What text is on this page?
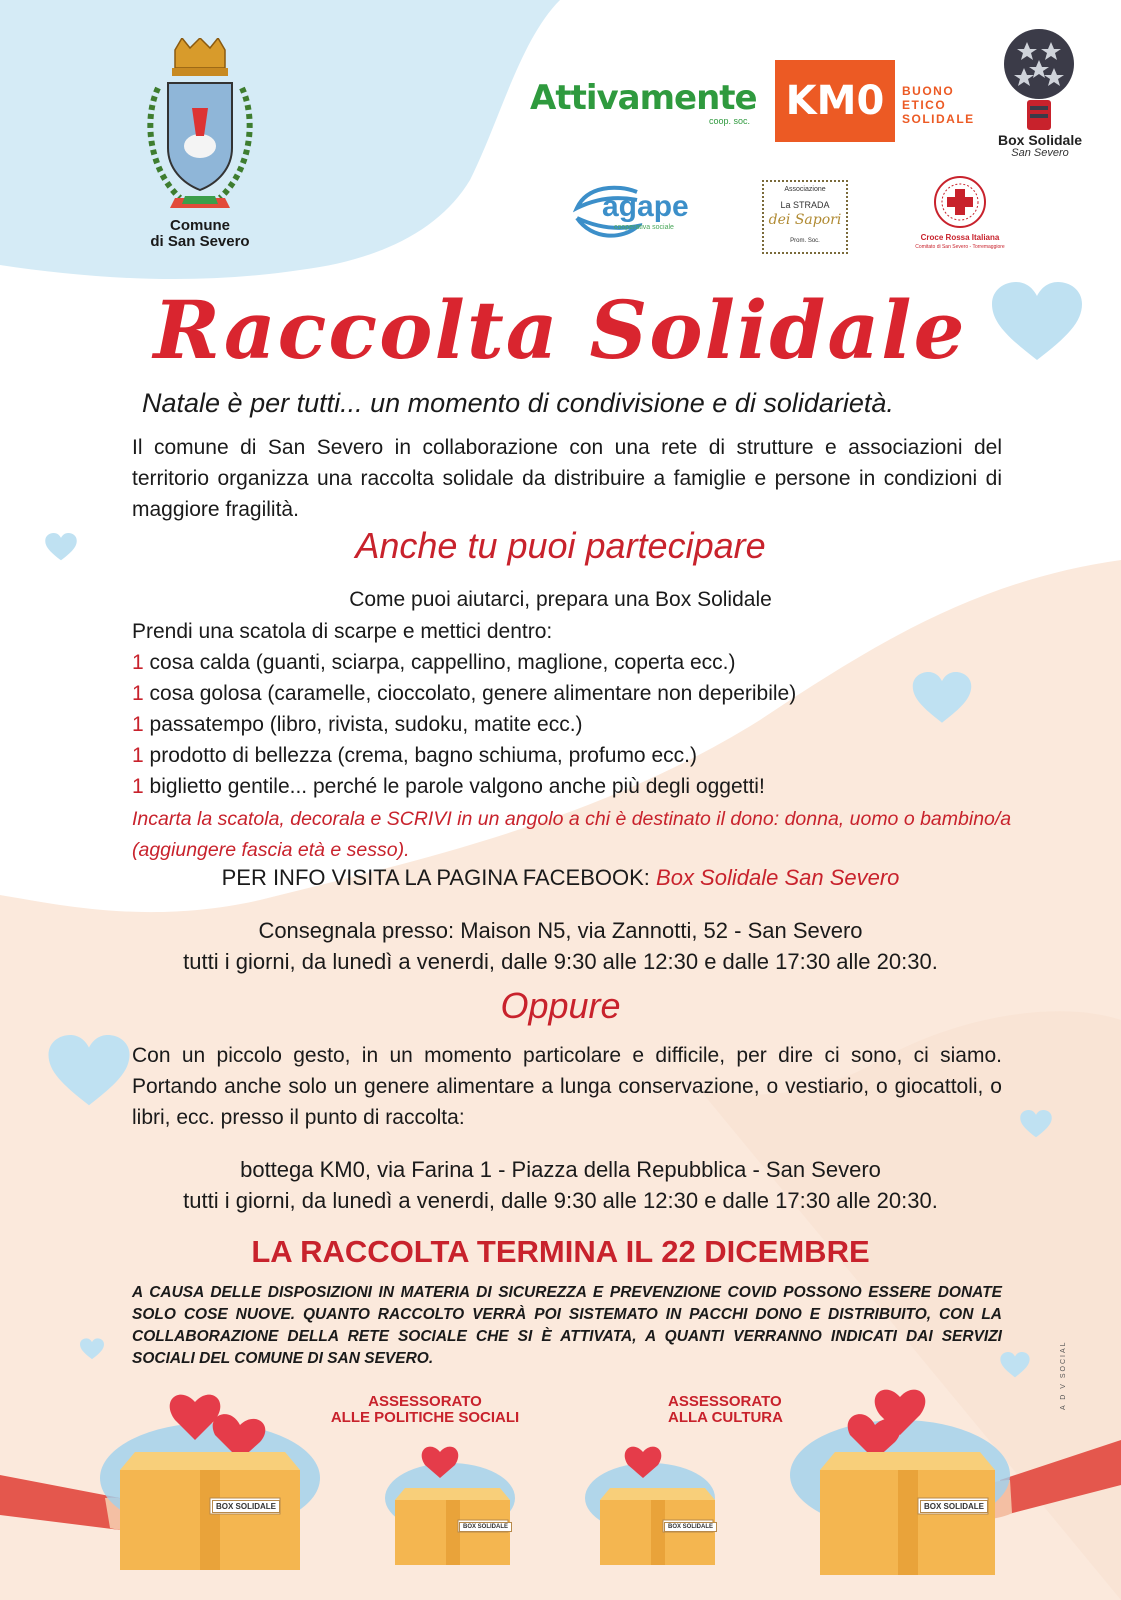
Comune
di San Severo
Attivamente
coop. soc. KM0	BUONO
ETICO
SOLIDALE
Box Solidale
San Severo
agape
cooperativa sociale
Associazione
La STRADA
dei Sapori
Prom. Soc.	Croce Rossa Italiana
Comitato di San Severo - Torremaggiore
Raccolta Solidale
Natale è per tutti... un momento di condivisione e di solidarietà.
Il comune di San Severo in collaborazione con una rete di strutture e associazioni del territorio organizza una raccolta solidale da distribuire a famiglie e persone in condizioni di maggiore fragilità.
Anche tu puoi partecipare
Come puoi aiutarci, prepara una Box Solidale
Prendi una scatola di scarpe e mettici dentro:
1 cosa calda (guanti, sciarpa, cappellino, maglione, coperta ecc.)
1 cosa golosa (caramelle, cioccolato, genere alimentare non deperibile)
1 passatempo (libro, rivista, sudoku, matite ecc.)
1 prodotto di bellezza (crema, bagno schiuma, profumo ecc.)
1 biglietto gentile... perché le parole valgono anche più degli oggetti!
Incarta la scatola, decorala e SCRIVI in un angolo a chi è destinato il dono: donna, uomo o bambino/a (aggiungere fascia età e sesso).
PER INFO VISITA LA PAGINA FACEBOOK: Box Solidale San Severo
Consegnala presso: Maison N5, via Zannotti, 52 - San Severo
tutti i giorni, da lunedì a venerdi, dalle 9:30 alle 12:30 e dalle 17:30 alle 20:30.
Oppure
Con un piccolo gesto, in un momento particolare e difficile, per dire ci sono, ci siamo. Portando anche solo un genere alimentare a lunga conservazione, o vestiario, o giocattoli, o libri, ecc. presso il punto di raccolta:
bottega KM0, via Farina 1 - Piazza della Repubblica - San Severo
tutti i giorni, da lunedì a venerdi, dalle 9:30 alle 12:30 e dalle 17:30 alle 20:30.
LA RACCOLTA TERMINA IL 22 DICEMBRE
A CAUSA DELLE DISPOSIZIONI IN MATERIA DI SICUREZZA E PREVENZIONE COVID POSSONO ESSERE DONATE SOLO COSE NUOVE. QUANTO RACCOLTO VERRÀ POI SISTEMATO IN PACCHI DONO E DISTRIBUITO, CON LA COLLABORAZIONE DELLA RETE SOCIALE CHE SI È ATTIVATA, A QUANTI VERRANNO INDICATI DAI SERVIZI SOCIALI DEL COMUNE DI SAN SEVERO.
ASSESSORATO
ALLE POLITICHE SOCIALI
ASSESSORATO
ALLA CULTURA
A D V SOCIAL
BOX SOLIDALE
BOX SOLIDALE	BOX SOLIDALE
BOX SOLIDALE
